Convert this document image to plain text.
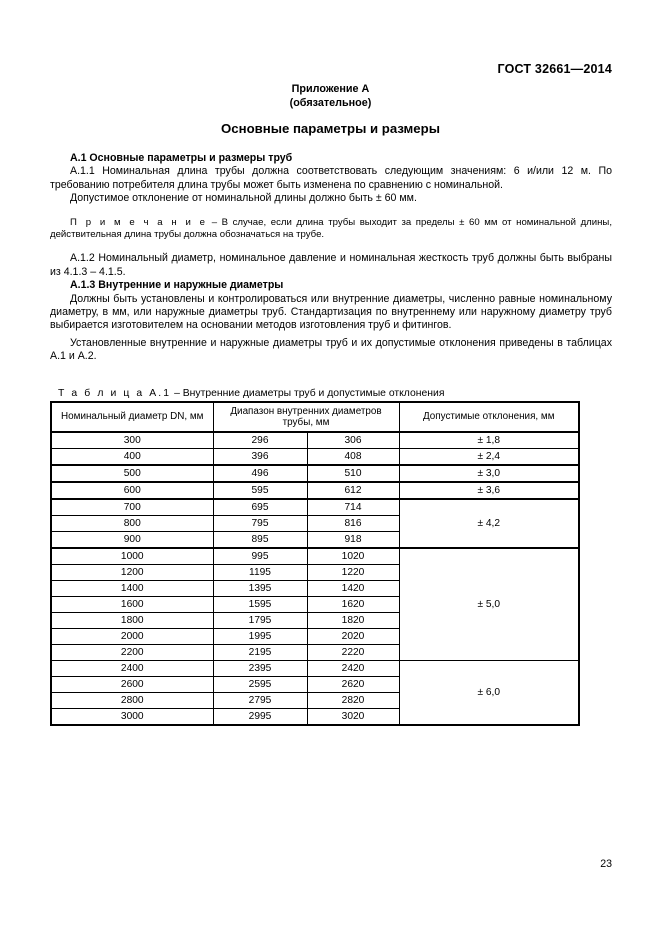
ГОСТ 32661—2014
Приложение А
(обязательное)
Основные параметры и размеры

А.1 Основные параметры и размеры труб

А.1.1 Номинальная длина трубы должна соответствовать следующим значениям: 6 и/или 12 м. По требованию потребителя длина трубы может быть изменена по сравнению с номинальной.

Допустимое отклонение от номинальной длины должно быть ± 60 мм.

П р и м е ч а н и е – В случае, если длина трубы выходит за пределы ± 60 мм от номинальной длины, действительная длина трубы должна обозначаться на трубе.

А.1.2 Номинальный диаметр, номинальное давление и номинальная жесткость труб должны быть выбраны из 4.1.3 – 4.1.5.

А.1.3 Внутренние и наружные диаметры

Должны быть установлены и контролироваться или внутренние диаметры, численно равные номинальному диаметру, в мм, или наружные диаметры труб. Стандартизация по внутреннему или наружному диаметру труб выбирается изготовителем на основании методов изготовления труб и фитингов.

Установленные внутренние и наружные диаметры труб и их допустимые отклонения приведены в таблицах А.1 и А.2.

Т а б л и ц а А.1 – Внутренние диаметры труб и допустимые отклонения
Номинальный диаметр DN, мм	Диапазон внутренних диаметров трубы, мм		Допустимые отклонения, мм
300	296	306	± 1,8
400	396	408	± 2,4
500	496	510	± 3,0
600	595	612	± 3,6
700	695	714	± 4,2
800	795	816	
900	895	918	
1000	995	1020	± 5,0
1200	1195	1220	
1400	1395	1420	
1600	1595	1620	
1800	1795	1820	
2000	1995	2020	
2200	2195	2220	
2400	2395	2420	± 6,0
2600	2595	2620	
2800	2795	2820	
3000	2995	3020	
23
